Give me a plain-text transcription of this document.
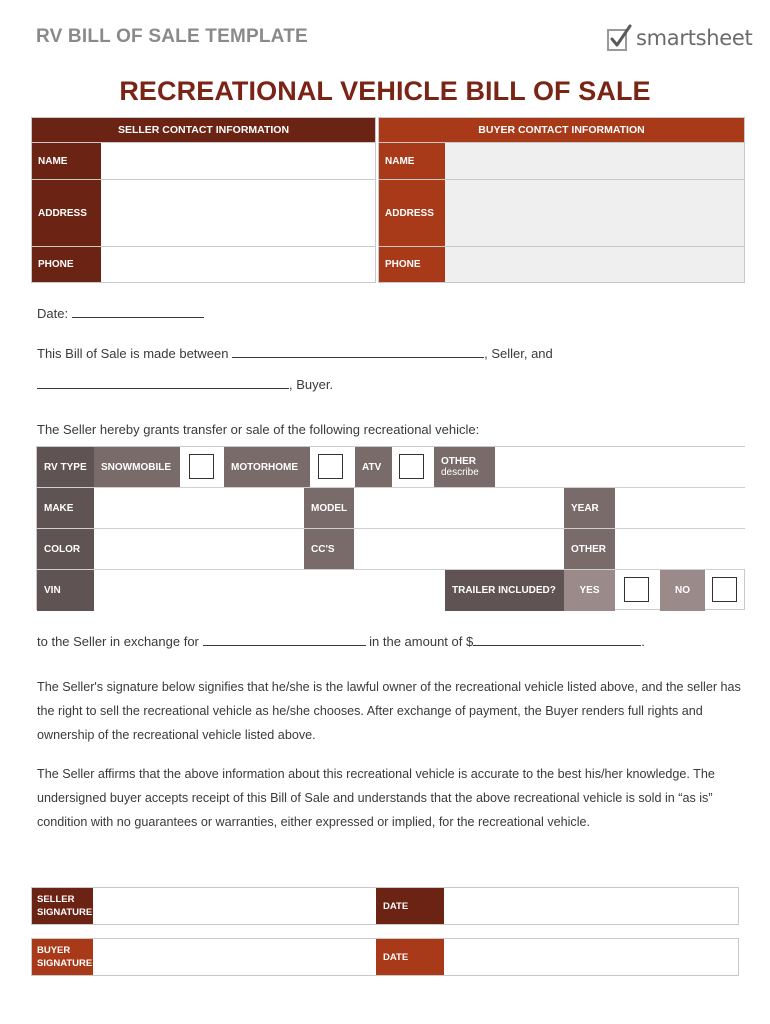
RV BILL OF SALE TEMPLATE	smartsheet
RECREATIONAL VEHICLE BILL OF SALE
SELLER CONTACT INFORMATION
NAME
ADDRESS
PHONE
BUYER CONTACT INFORMATION
NAME
ADDRESS
PHONE
Date:
This Bill of Sale is made between	, Seller, and
, Buyer.
The Seller hereby grants transfer or sale of the following recreational vehicle:
RV TYPE	SNOWMOBILE	MOTORHOME	ATV	OTHER
describe
MAKE	MODEL	YEAR
COLOR	CC'S	OTHER
VIN	TRAILER INCLUDED?	YES	NO
to the Seller in exchange for	in the amount of $	.
The Seller's signature below signifies that he/she is the lawful owner of the recreational vehicle listed above, and the seller has the right to sell the recreational vehicle as he/she chooses. After exchange of payment, the Buyer renders full rights and ownership of the recreational vehicle listed above.
The Seller affirms that the above information about this recreational vehicle is accurate to the best his/her knowledge. The undersigned buyer accepts receipt of this Bill of Sale and understands that the above recreational vehicle is sold in “as is” condition with no guarantees or warranties, either expressed or implied, for the recreational vehicle.
SELLER SIGNATURE
DATE
BUYER SIGNATURE
DATE
